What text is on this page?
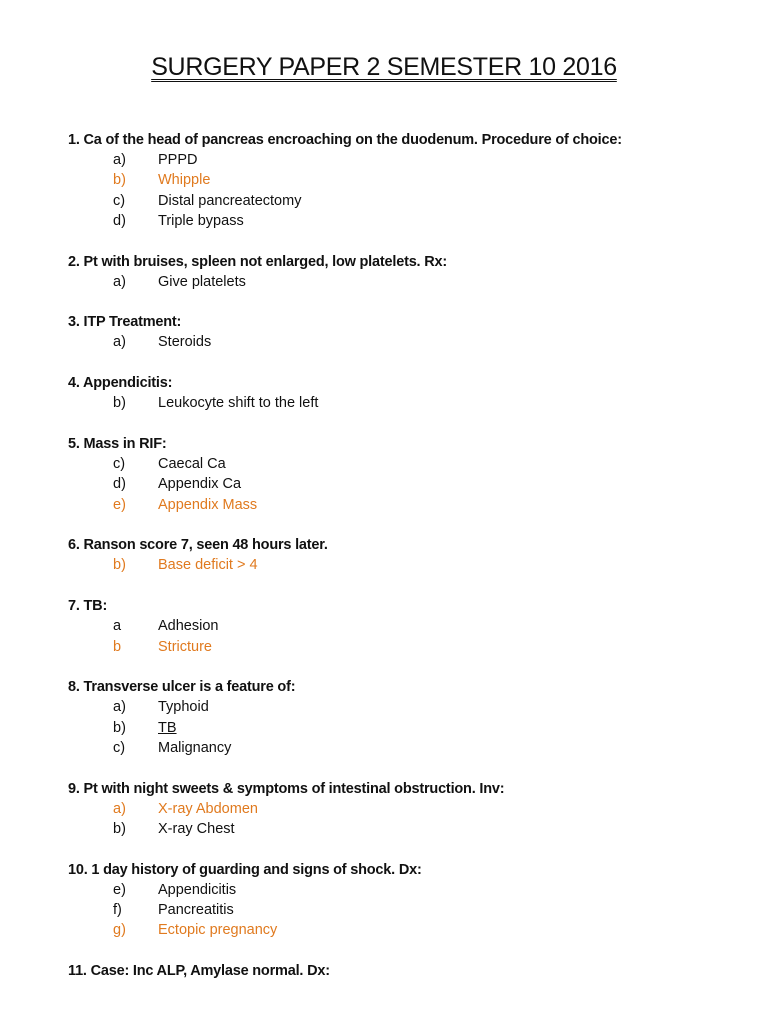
SURGERY PAPER 2 SEMESTER 10 2016
1. Ca of the head of pancreas encroaching on the duodenum. Procedure of choice:
a)	PPPD
b)	Whipple
c)	Distal pancreatectomy
d)	Triple bypass
2. Pt with bruises, spleen not enlarged, low platelets. Rx:
a)	Give platelets
3. ITP Treatment:
a)	Steroids
4. Appendicitis:
b)	Leukocyte shift to the left
5. Mass in RIF:
c)	Caecal Ca
d)	Appendix Ca
e)	Appendix Mass
6. Ranson score 7, seen 48 hours later.
b)	Base deficit > 4
7. TB:
a	Adhesion
b	Stricture
8. Transverse ulcer is a feature of:
a)	Typhoid
b)	TB
c)	Malignancy
9. Pt with night sweets & symptoms of intestinal obstruction. Inv:
a)	X-ray Abdomen
b)	X-ray Chest
10. 1 day history of guarding and signs of shock. Dx:
e)	Appendicitis
f)	Pancreatitis
g)	Ectopic pregnancy
11. Case: Inc ALP, Amylase normal. Dx:
